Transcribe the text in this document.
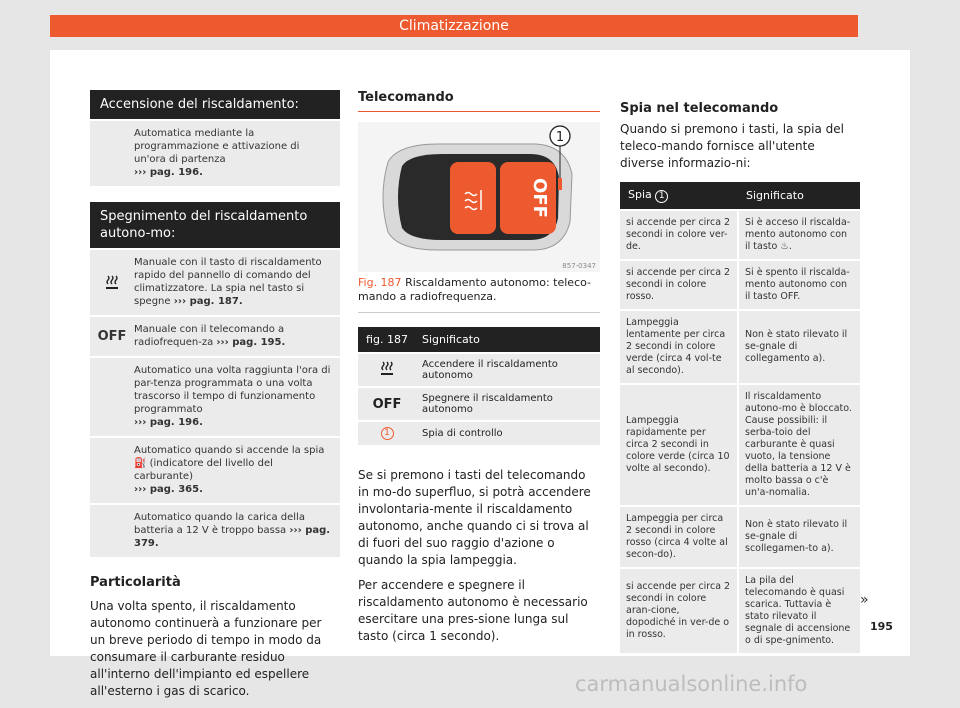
Climatizzazione
Accensione del riscaldamento:
Automatica mediante la programmazione e attivazione di un'ora di partenza
››› pag. 196.
Spegnimento del riscaldamento autono-mo:
Manuale con il tasto di riscaldamento rapido del pannello di comando del climatizzatore. La spia nel tasto si spegne ››› pag. 187.
OFF Manuale con il telecomando a radiofrequen-za ››› pag. 195.
Automatico una volta raggiunta l'ora di par-tenza programmata o una volta trascorso il tempo di funzionamento programmato
››› pag. 196.
Automatico quando si accende la spia ⛽ (indicatore del livello del carburante)
››› pag. 365.
Automatico quando la carica della batteria a 12 V è troppo bassa ››› pag. 379.
Particolarità
Una volta spento, il riscaldamento autonomo continuerà a funzionare per un breve periodo di tempo in modo da consumare il carburante residuo all'interno dell'impianto ed espellere all'esterno i gas di scarico.
Telecomando
OFF
1
857-0347
Fig. 187 Riscaldamento autonomo: teleco-mando a radiofrequenza.
fig. 187	Significato
	Accendere il riscaldamento autonomo
OFF	Spegnere il riscaldamento autonomo
1	Spia di controllo
Se si premono i tasti del telecomando in mo-do superfluo, si potrà accendere involontaria-mente il riscaldamento autonomo, anche quando ci si trova al di fuori del suo raggio d'azione o quando la spia lampeggia.
Per accendere e spegnere il riscaldamento autonomo è necessario esercitare una pres-sione lunga sul tasto (circa 1 secondo).
Spia nel telecomando
Quando si premono i tasti, la spia del teleco-mando fornisce all'utente diverse informazio-ni:
Spia 1	Significato
si accende per circa 2 secondi in colore ver-de.	Si è acceso il riscalda-mento autonomo con il tasto ♨.
si accende per circa 2 secondi in colore rosso.	Si è spento il riscalda-mento autonomo con il tasto OFF.
Lampeggia lentamente per circa 2 secondi in colore verde (circa 4 vol-te al secondo).	Non è stato rilevato il se-gnale di collegamento a).
Lampeggia rapidamente per circa 2 secondi in colore verde (circa 10 volte al secondo).	Il riscaldamento autono-mo è bloccato. Cause possibili: il serba-toio del carburante è quasi vuoto, la tensione della batteria a 12 V è molto bassa o c'è un'a-nomalia.
Lampeggia per circa 2 secondi in colore rosso (circa 4 volte al secon-do).	Non è stato rilevato il se-gnale di scollegamen-to a).
si accende per circa 2 secondi in colore aran-cione, dopodiché in ver-de o in rosso.	La pila del telecomando è quasi scarica. Tuttavia è stato rilevato il segnale di accensione o di spe-gnimento.
»
195
carmanualsonline.info
